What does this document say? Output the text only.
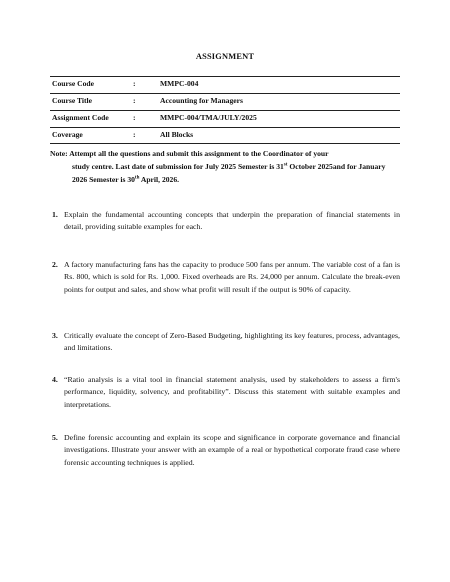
ASSIGNMENT
Course Code	:	MMPC-004
Course Title	:	Accounting for Managers
Assignment Code	:	MMPC-004/TMA/JULY/2025
Coverage	:	All Blocks
Note: Attempt all the questions and submit this assignment to the Coordinator of your
study centre. Last date of submission for July 2025 Semester is 31st October 2025and for January 2026 Semester is 30th April, 2026.
1. Explain the fundamental accounting concepts that underpin the preparation of financial statements in detail, providing suitable examples for each.
2. A factory manufacturing fans has the capacity to produce 500 fans per annum. The variable cost of a fan is Rs. 800, which is sold for Rs. 1,000. Fixed overheads are Rs. 24,000 per annum. Calculate the break-even points for output and sales, and show what profit will result if the output is 90% of capacity.
3. Critically evaluate the concept of Zero-Based Budgeting, highlighting its key features, process, advantages, and limitations.
4. “Ratio analysis is a vital tool in financial statement analysis, used by stakeholders to assess a firm's performance, liquidity, solvency, and profitability”. Discuss this statement with suitable examples and interpretations.
5. Define forensic accounting and explain its scope and significance in corporate governance and financial investigations. Illustrate your answer with an example of a real or hypothetical corporate fraud case where forensic accounting techniques is applied.
